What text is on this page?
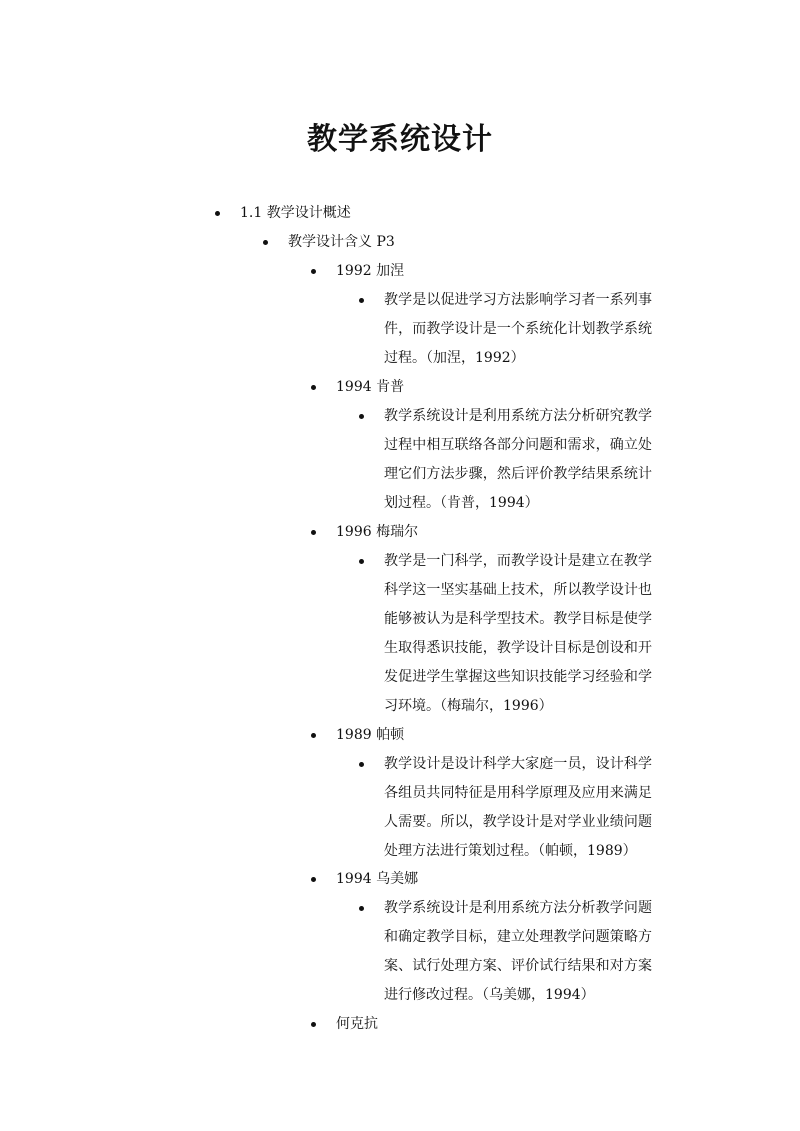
教学系统设计
1.1 教学设计概述
教学设计含义 P3
1992 加涅
教学是以促进学习方法影响学习者一系列事件，而教学设计是一个系统化计划教学系统过程。（加涅，1992）
1994 肯普
教学系统设计是利用系统方法分析研究教学过程中相互联络各部分问题和需求，确立处理它们方法步骤，然后评价教学结果系统计划过程。（肯普，1994）
1996 梅瑞尔
教学是一门科学，而教学设计是建立在教学科学这一坚实基础上技术，所以教学设计也能够被认为是科学型技术。教学目标是使学生取得悉识技能，教学设计目标是创设和开发促进学生掌握这些知识技能学习经验和学习环境。（梅瑞尔，1996）
1989 帕顿
教学设计是设计科学大家庭一员，设计科学各组员共同特征是用科学原理及应用来满足人需要。所以，教学设计是对学业业绩问题处理方法进行策划过程。（帕顿，1989）
1994 乌美娜
教学系统设计是利用系统方法分析教学问题和确定教学目标，建立处理教学问题策略方案、试行处理方案、评价试行结果和对方案进行修改过程。（乌美娜，1994）
何克抗
